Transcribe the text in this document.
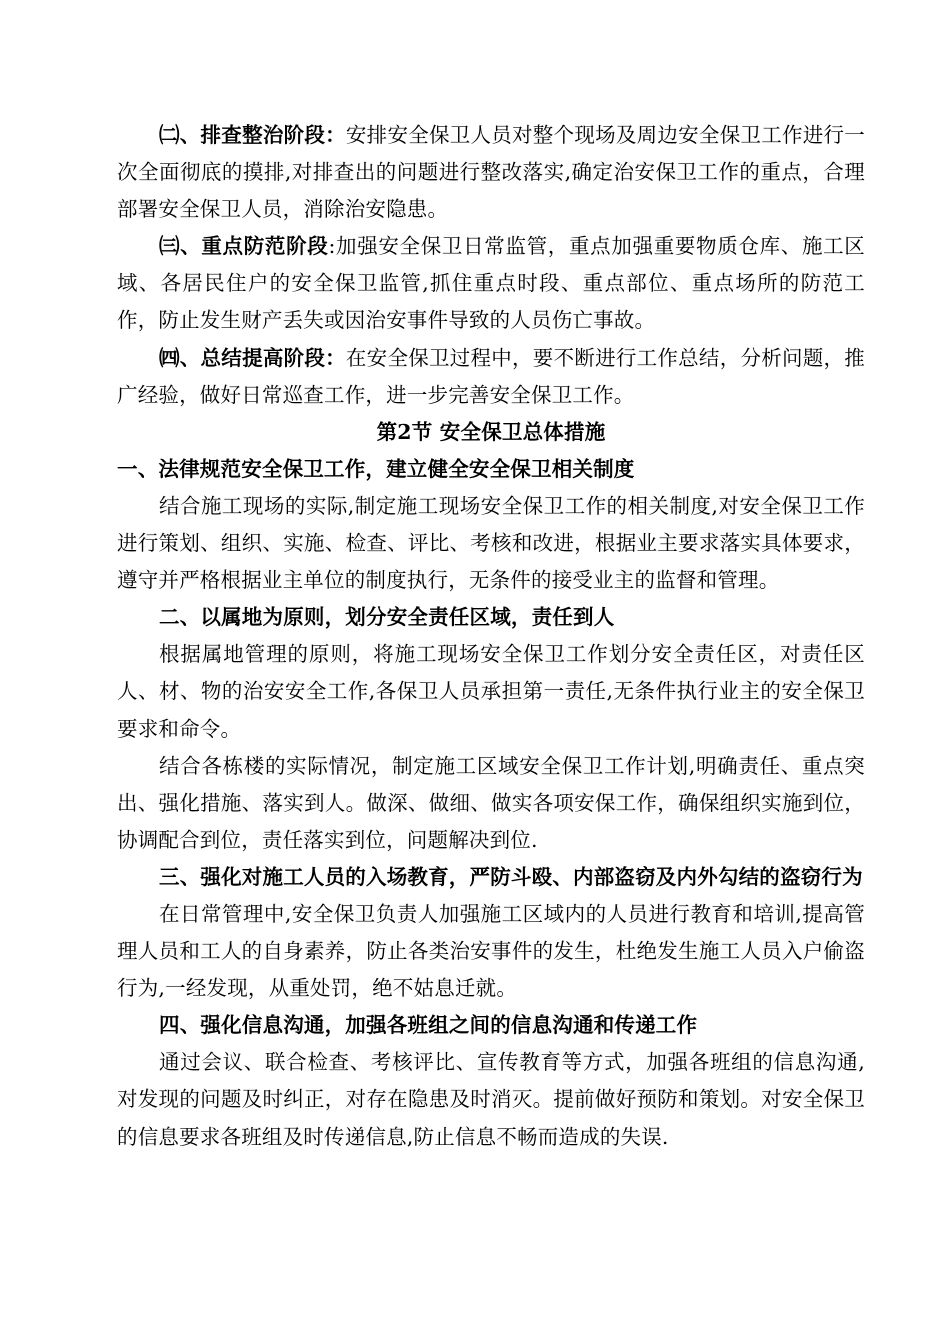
㈡、排查整治阶段：安排安全保卫人员对整个现场及周边安全保卫工作进行一次全面彻底的摸排,对排查出的问题进行整改落实,确定治安保卫工作的重点，合理部署安全保卫人员，消除治安隐患。

㈢、重点防范阶段:加强安全保卫日常监管，重点加强重要物质仓库、施工区域、各居民住户的安全保卫监管,抓住重点时段、重点部位、重点场所的防范工作，防止发生财产丢失或因治安事件导致的人员伤亡事故。

㈣、总结提高阶段：在安全保卫过程中，要不断进行工作总结，分析问题，推广经验，做好日常巡查工作，进一步完善安全保卫工作。

第2节 安全保卫总体措施

一、法律规范安全保卫工作，建立健全安全保卫相关制度

结合施工现场的实际,制定施工现场安全保卫工作的相关制度,对安全保卫工作进行策划、组织、实施、检查、评比、考核和改进，根据业主要求落实具体要求，遵守并严格根据业主单位的制度执行，无条件的接受业主的监督和管理。

二、以属地为原则，划分安全责任区域，责任到人

根据属地管理的原则，将施工现场安全保卫工作划分安全责任区，对责任区人、材、物的治安安全工作,各保卫人员承担第一责任,无条件执行业主的安全保卫要求和命令。

结合各栋楼的实际情况，制定施工区域安全保卫工作计划,明确责任、重点突出、强化措施、落实到人。做深、做细、做实各项安保工作，确保组织实施到位，协调配合到位，责任落实到位，问题解决到位.

三、强化对施工人员的入场教育，严防斗殴、内部盗窃及内外勾结的盗窃行为

在日常管理中,安全保卫负责人加强施工区域内的人员进行教育和培训,提高管理人员和工人的自身素养，防止各类治安事件的发生，杜绝发生施工人员入户偷盗行为,一经发现，从重处罚，绝不姑息迁就。

四、强化信息沟通，加强各班组之间的信息沟通和传递工作

通过会议、联合检查、考核评比、宣传教育等方式，加强各班组的信息沟通,对发现的问题及时纠正，对存在隐患及时消灭。提前做好预防和策划。对安全保卫的信息要求各班组及时传递信息,防止信息不畅而造成的失误.
